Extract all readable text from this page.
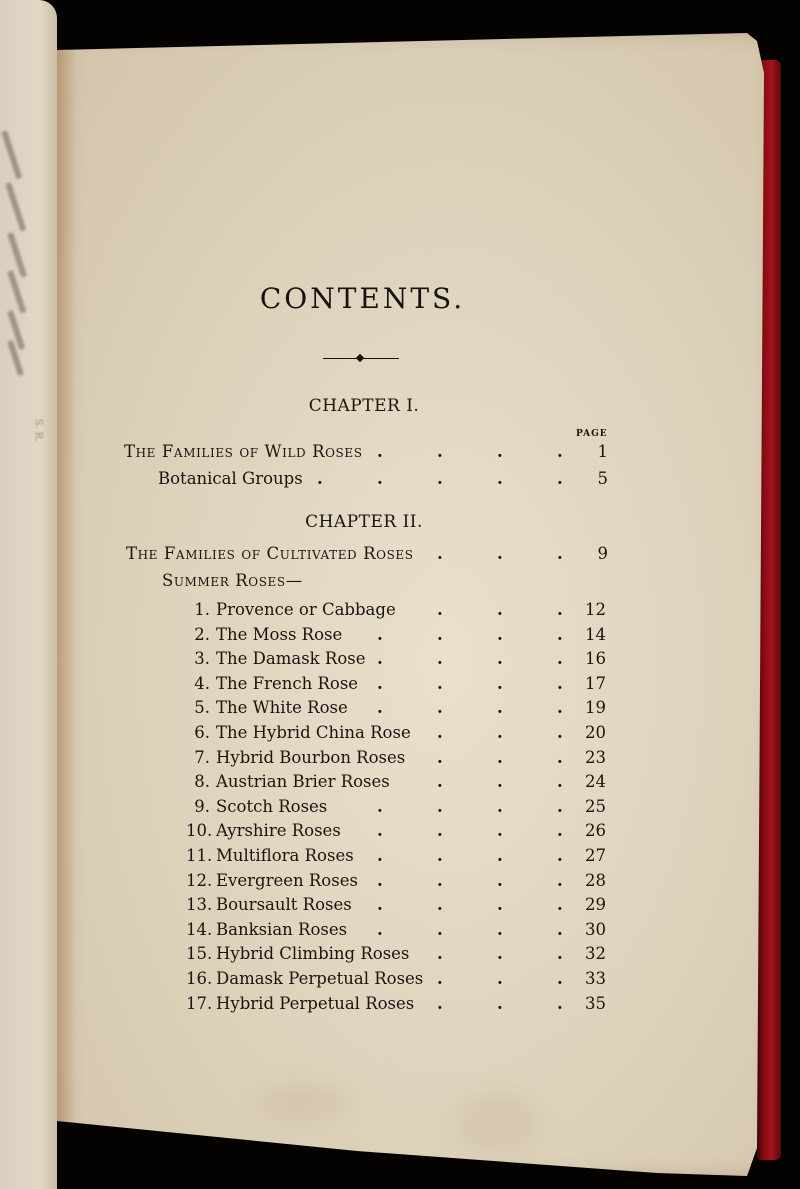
S. R.
CONTENTS.
CHAPTER I.
PAGE
The Families of Wild Roses .	.	.	.	1
Botanical Groups .	.	.	.	.	5
CHAPTER II.
The Families of Cultivated Roses .	.	.	9
Summer Roses—
1. Provence or Cabbage	.	.	.	12
2. The Moss Rose .	.	.	.	14
3. The Damask Rose .	.	.	.	16
4. The French Rose .	.	.	.	17
5. The White Rose .	.	.	.	19
6. The Hybrid China Rose .	.	.	20
7. Hybrid Bourbon Roses .	.	.	23
8. Austrian Brier Roses	.	.	.	24
9. Scotch Roses	.	.	.	.	25
10. Ayrshire Roses .	.	.	.	26
11. Multiflora Roses .	.	.	.	27
12. Evergreen Roses .	.	.	.	28
13. Boursault Roses .	.	.	.	29
14. Banksian Roses .	.	.	.	30
15. Hybrid Climbing Roses .	.	.	32
16. Damask Perpetual Roses .	.	.	33
17. Hybrid Perpetual Roses .	.	.	35
